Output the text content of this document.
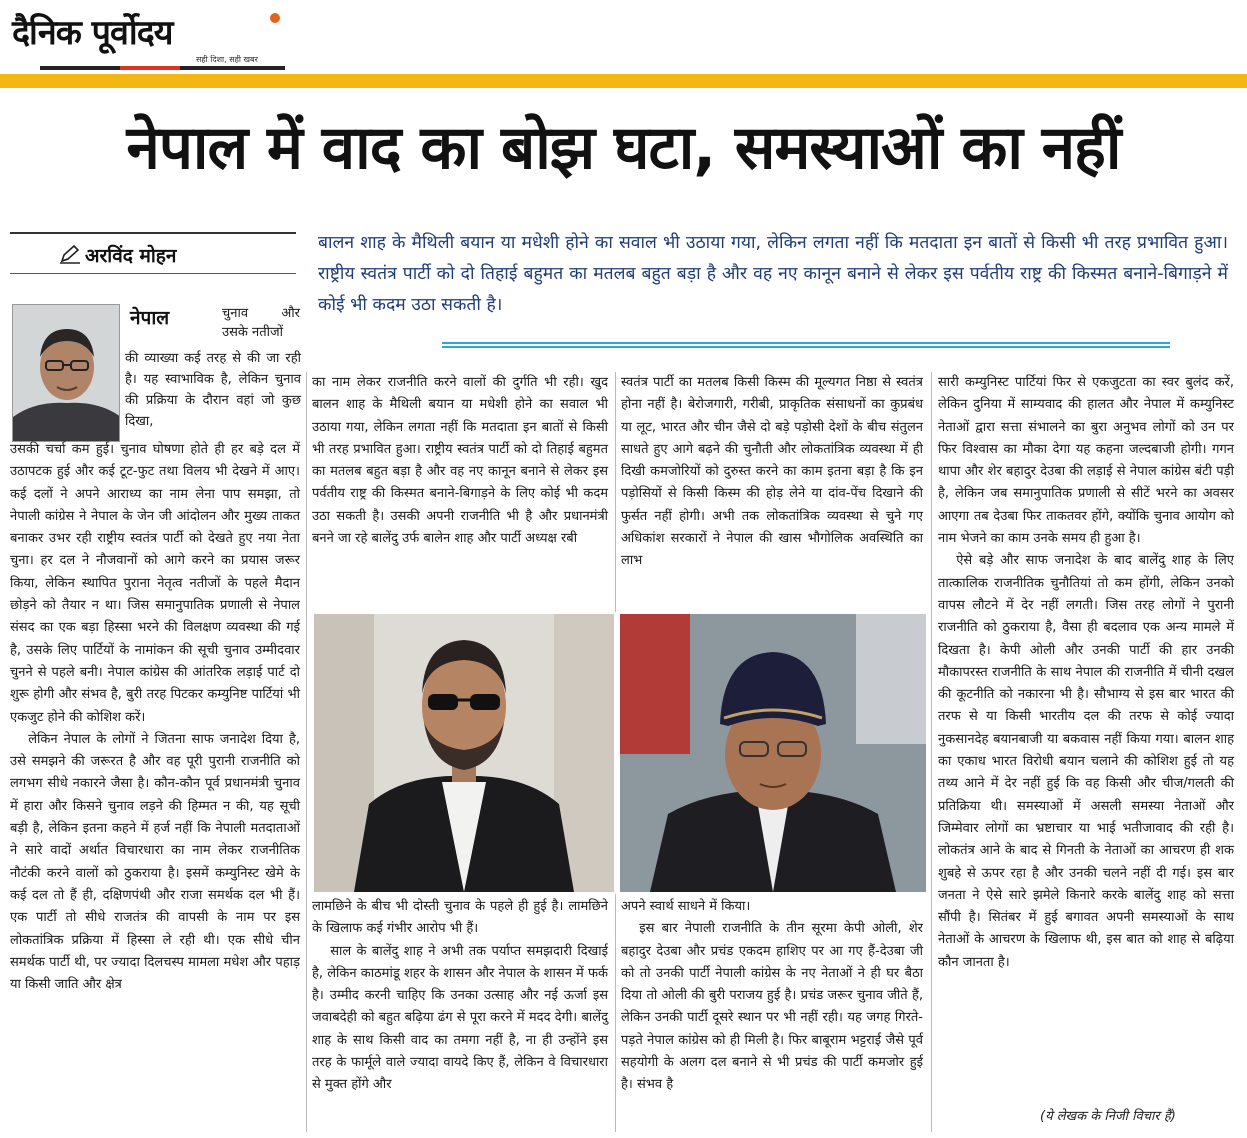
दैनिक पूर्वोदय
सही दिशा, सही खबर
नेपाल में वाद का बोझ घटा, समस्याओं का नहीं
अरविंद मोहन
बालन शाह के मैथिली बयान या मधेशी होने का सवाल भी उठाया गया, लेकिन लगता नहीं कि मतदाता इन बातों से किसी भी तरह प्रभावित हुआ। राष्ट्रीय स्वतंत्र पार्टी को दो तिहाई बहुमत का मतलब बहुत बड़ा है और वह नए कानून बनाने से लेकर इस पर्वतीय राष्ट्र की किस्मत बनाने-बिगाड़ने में कोई भी कदम उठा सकती है।
नेपाल	चुनाव और उसके नतीजों
की व्याख्या कई तरह से की जा रही है। यह स्वाभाविक है, लेकिन चुनाव की प्रक्रिया के दौरान वहां जो कुछ दिखा,

उसकी चर्चा कम हुई। चुनाव घोषणा होते ही हर बड़े दल में उठापटक हुई और कई टूट-फुट तथा विलय भी देखने में आए। कई दलों ने अपने आराध्य का नाम लेना पाप समझा, तो नेपाली कांग्रेस ने नेपाल के जेन जी आंदोलन और मुख्य ताकत बनाकर उभर रही राष्ट्रीय स्वतंत्र पार्टी को देखते हुए नया नेता चुना। हर दल ने नौजवानों को आगे करने का प्रयास जरूर किया, लेकिन स्थापित पुराना नेतृत्व नतीजों के पहले मैदान छोड़ने को तैयार न था। जिस समानुपातिक प्रणाली से नेपाल संसद का एक बड़ा हिस्सा भरने की विलक्षण व्यवस्था की गई है, उसके लिए पार्टियों के नामांकन की सूची चुनाव उम्मीदवार चुनने से पहले बनी। नेपाल कांग्रेस की आंतरिक लड़ाई पार्ट दो शुरू होगी और संभव है, बुरी तरह पिटकर कम्युनिष्ट पार्टियां भी एकजुट होने की कोशिश करें।

लेकिन नेपाल के लोगों ने जितना साफ जनादेश दिया है, उसे समझने की जरूरत है और वह पूरी पुरानी राजनीति को लगभग सीधे नकारने जैसा है। कौन-कौन पूर्व प्रधानमंत्री चुनाव में हारा और किसने चुनाव लड़ने की हिम्मत न की, यह सूची बड़ी है, लेकिन इतना कहने में हर्ज नहीं कि नेपाली मतदाताओं ने सारे वादों अर्थात विचारधारा का नाम लेकर राजनीतिक नौटंकी करने वालों को ठुकराया है। इसमें कम्युनिस्ट खेमे के कई दल तो हैं ही, दक्षिणपंथी और राजा समर्थक दल भी हैं। एक पार्टी तो सीधे राजतंत्र की वापसी के नाम पर इस लोकतांत्रिक प्रक्रिया में हिस्सा ले रही थी। एक सीधे चीन समर्थक पार्टी थी, पर ज्यादा दिलचस्प मामला मधेश और पहाड़ या किसी जाति और क्षेत्र

का नाम लेकर राजनीति करने वालों की दुर्गति भी रही। खुद बालन शाह के मैथिली बयान या मधेशी होने का सवाल भी उठाया गया, लेकिन लगता नहीं कि मतदाता इन बातों से किसी भी तरह प्रभावित हुआ। राष्ट्रीय स्वतंत्र पार्टी को दो तिहाई बहुमत का मतलब बहुत बड़ा है और वह नए कानून बनाने से लेकर इस पर्वतीय राष्ट्र की किस्मत बनाने-बिगाड़ने के लिए कोई भी कदम उठा सकती है। उसकी अपनी राजनीति भी है और प्रधानमंत्री बनने जा रहे बालेंदु उर्फ बालेन शाह और पार्टी अध्यक्ष रबी
स्वतंत्र पार्टी का मतलब किसी किस्म की मूल्यगत निष्ठा से स्वतंत्र होना नहीं है। बेरोजगारी, गरीबी, प्राकृतिक संसाधनों का कुप्रबंध या लूट, भारत और चीन जैसे दो बड़े पड़ोसी देशों के बीच संतुलन साधते हुए आगे बढ़ने की चुनौती और लोकतांत्रिक व्यवस्था में ही दिखी कमजोरियों को दुरुस्त करने का काम इतना बड़ा है कि इन पड़ोसियों से किसी किस्म की होड़ लेने या दांव-पेंच दिखाने की फुर्सत नहीं होगी। अभी तक लोकतांत्रिक व्यवस्था से चुने गए अधिकांश सरकारों ने नेपाल की खास भौगोलिक अवस्थिति का लाभ

सारी कम्युनिस्ट पार्टियां फिर से एकजुटता का स्वर बुलंद करें, लेकिन दुनिया में साम्यवाद की हालत और नेपाल में कम्युनिस्ट नेताओं द्वारा सत्ता संभालने का बुरा अनुभव लोगों को उन पर फिर विश्वास का मौका देगा यह कहना जल्दबाजी होगी। गगन थापा और शेर बहादुर देउबा की लड़ाई से नेपाल कांग्रेस बंटी पड़ी है, लेकिन जब समानुपातिक प्रणाली से सीटें भरने का अवसर आएगा तब देउबा फिर ताकतवर होंगे, क्योंकि चुनाव आयोग को नाम भेजने का काम उनके समय ही हुआ है।

ऐसे बड़े और साफ जनादेश के बाद बालेंदु शाह के लिए तात्कालिक राजनीतिक चुनौतियां तो कम होंगी, लेकिन उनको वापस लौटने में देर नहीं लगती। जिस तरह लोगों ने पुरानी राजनीति को ठुकराया है, वैसा ही बदलाव एक अन्य मामले में दिखता है। केपी ओली और उनकी पार्टी की हार उनकी मौकापरस्त राजनीति के साथ नेपाल की राजनीति में चीनी दखल की कूटनीति को नकारना भी है। सौभाग्य से इस बार भारत की तरफ से या किसी भारतीय दल की तरफ से कोई ज्यादा नुकसानदेह बयानबाजी या बकवास नहीं किया गया। बालन शाह का एकाध भारत विरोधी बयान चलाने की कोशिश हुई तो यह तथ्य आने में देर नहीं हुई कि वह किसी और चीज/गलती की प्रतिक्रिया थी। समस्याओं में असली समस्या नेताओं और जिम्मेवार लोगों का भ्रष्टाचार या भाई भतीजावाद की रही है। लोकतंत्र आने के बाद से गिनती के नेताओं का आचरण ही शक शुबहे से ऊपर रहा है और उनकी चलने नहीं दी गई। इस बार जनता ने ऐसे सारे झमेले किनारे करके बालेंदु शाह को सत्ता सौंपी है। सितंबर में हुई बगावत अपनी समस्याओं के साथ नेताओं के आचरण के खिलाफ थी, इस बात को शाह से बढ़िया कौन जानता है।

लामछिने के बीच भी दोस्ती चुनाव के पहले ही हुई है। लामछिने के खिलाफ कई गंभीर आरोप भी हैं।

साल के बालेंदु शाह ने अभी तक पर्याप्त समझदारी दिखाई है, लेकिन काठमांडू शहर के शासन और नेपाल के शासन में फर्क है। उम्मीद करनी चाहिए कि उनका उत्साह और नई ऊर्जा इस जवाबदेही को बहुत बढ़िया ढंग से पूरा करने में मदद देगी। बालेंदु शाह के साथ किसी वाद का तमगा नहीं है, ना ही उन्होंने इस तरह के फार्मूले वाले ज्यादा वायदे किए हैं, लेकिन वे विचारधारा से मुक्त होंगे और

अपने स्वार्थ साधने में किया।

इस बार नेपाली राजनीति के तीन सूरमा केपी ओली, शेर बहादुर देउबा और प्रचंड एकदम हाशिए पर आ गए हैं-देउबा जी को तो उनकी पार्टी नेपाली कांग्रेस के नए नेताओं ने ही घर बैठा दिया तो ओली की बुरी पराजय हुई है। प्रचंड जरूर चुनाव जीते हैं, लेकिन उनकी पार्टी दूसरे स्थान पर भी नहीं रही। यह जगह गिरते-पड़ते नेपाल कांग्रेस को ही मिली है। फिर बाबूराम भट्टराई जैसे पूर्व सहयोगी के अलग दल बनाने से भी प्रचंड की पार्टी कमजोर हुई है। संभव है

(ये लेखक के निजी विचार हैं)
